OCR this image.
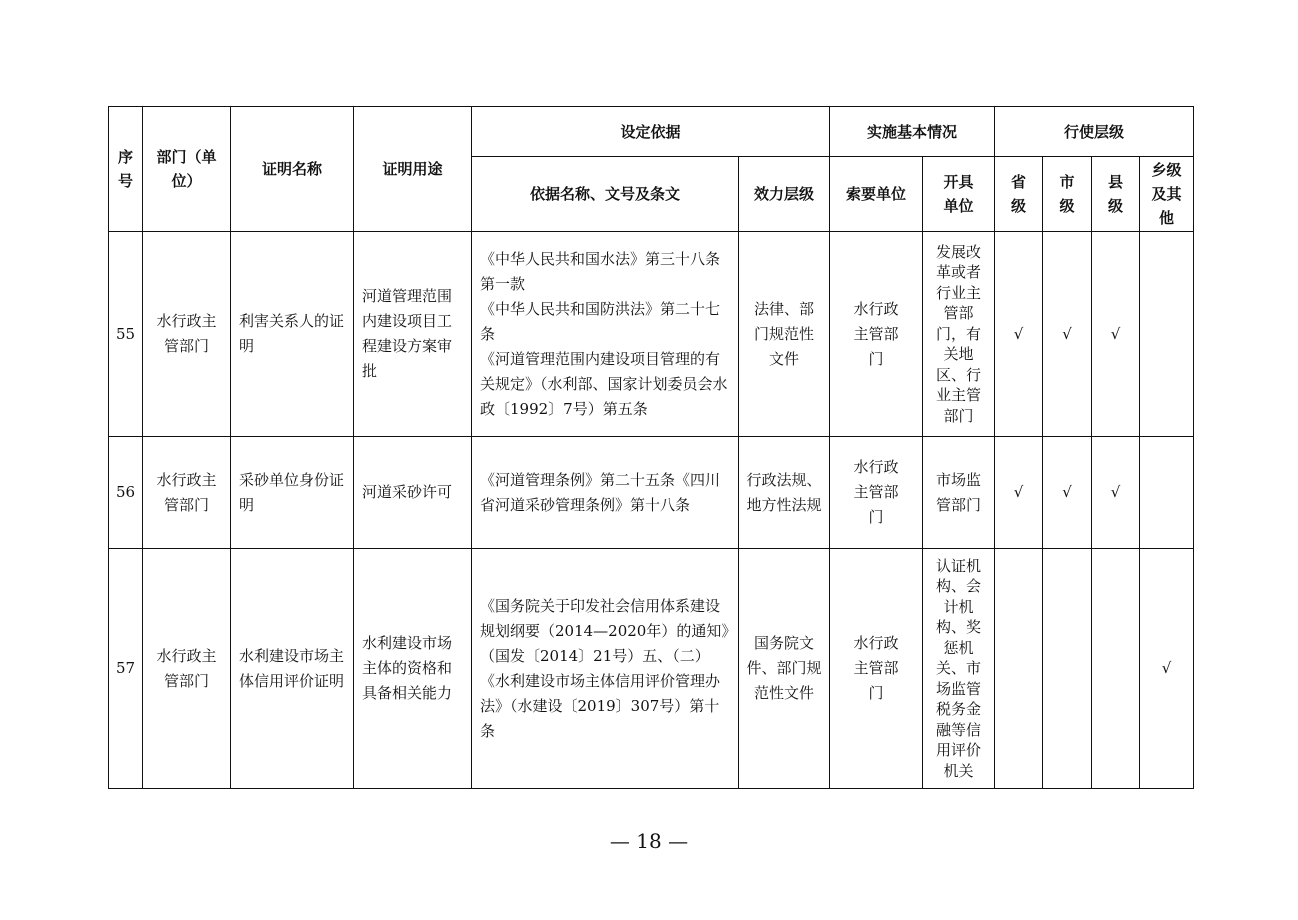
序号	部门（单位）	证明名称	证明用途	设定依据		实施基本情况		行使层级			
				依据名称、文号及条文	效力层级	索要单位	开具单位	省级	市级	县级	乡级及其他
55	水行政主管部门	利害关系人的证明	河道管理范围内建设项目工程建设方案审批	《中华人民共和国水法》第三十八条第一款
《中华人民共和国防洪法》第二十七条
《河道管理范围内建设项目管理的有关规定》（水利部、国家计划委员会水政〔1992〕7号）第五条	法律、部门规范性文件	水行政主管部门	发展改革或者行业主管部门，有关地区、行业主管部门	√	√	√	
56	水行政主管部门	采砂单位身份证明	河道采砂许可	《河道管理条例》第二十五条《四川省河道采砂管理条例》第十八条	行政法规、地方性法规	水行政主管部门	市场监管部门	√	√	√	
57	水行政主管部门	水利建设市场主体信用评价证明	水利建设市场主体的资格和具备相关能力	《国务院关于印发社会信用体系建设规划纲要（2014—2020年）的通知》（国发〔2014〕21号）五、（二）
《水利建设市场主体信用评价管理办法》（水建设〔2019〕307号）第十条	国务院文件、部门规范性文件	水行政主管部门	认证机构、会计机构、奖惩机关、市场监管税务金融等信用评价机关				√
— 18 —
